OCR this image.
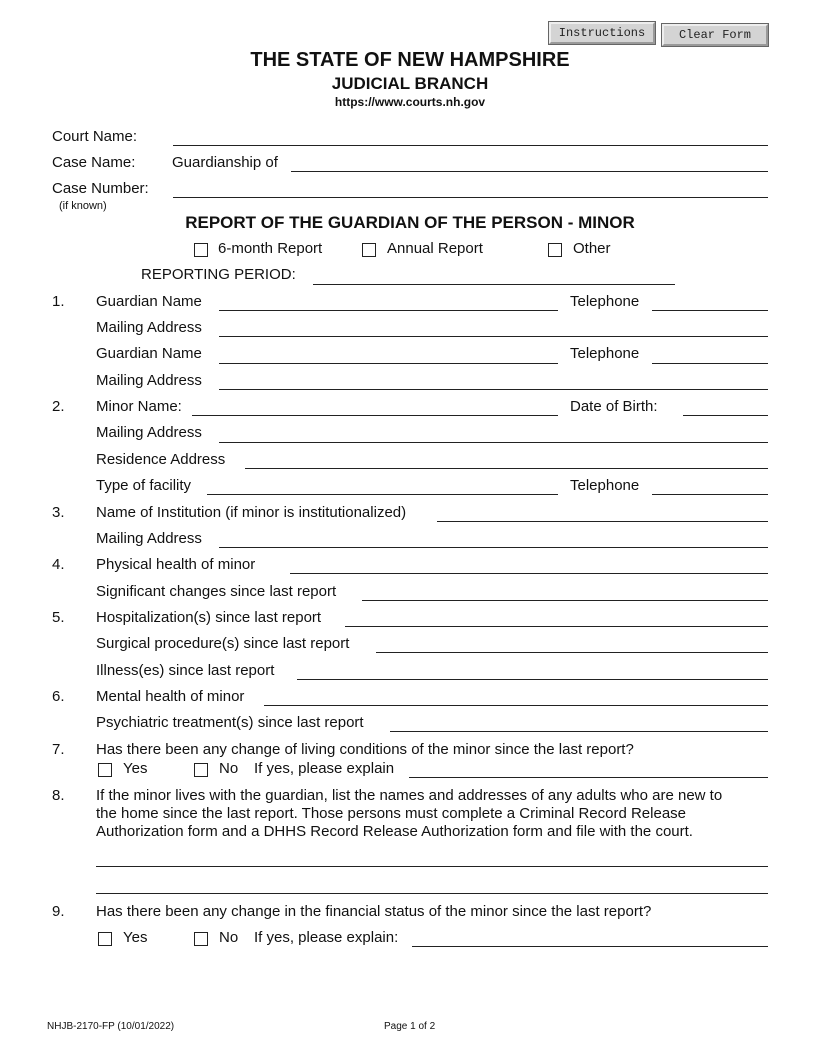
Instructions	Clear Form
THE STATE OF NEW HAMPSHIRE
JUDICIAL BRANCH
https://www.courts.nh.gov
Court Name:
Case Name: Guardianship of
Case Number:
(if known)
REPORT OF THE GUARDIAN OF THE PERSON - MINOR
6-month Report	Annual Report	Other
REPORTING PERIOD:
1. Guardian Name	Telephone
Mailing Address
Guardian Name	Telephone
Mailing Address
2. Minor Name:	Date of Birth:
Mailing Address
Residence Address
Type of facility	Telephone
3. Name of Institution (if minor is institutionalized)
Mailing Address
4. Physical health of minor
Significant changes since last report
5. Hospitalization(s) since last report
Surgical procedure(s) since last report
Illness(es) since last report
6. Mental health of minor
Psychiatric treatment(s) since last report
7. Has there been any change of living conditions of the minor since the last report?
Yes	No If yes, please explain
8. If the minor lives with the guardian, list the names and addresses of any adults who are new to
the home since the last report. Those persons must complete a Criminal Record Release
Authorization form and a DHHS Record Release Authorization form and file with the court.
9. Has there been any change in the financial status of the minor since the last report?
Yes	No If yes, please explain:
NHJB-2170-FP (10/01/2022)	Page 1 of 2
